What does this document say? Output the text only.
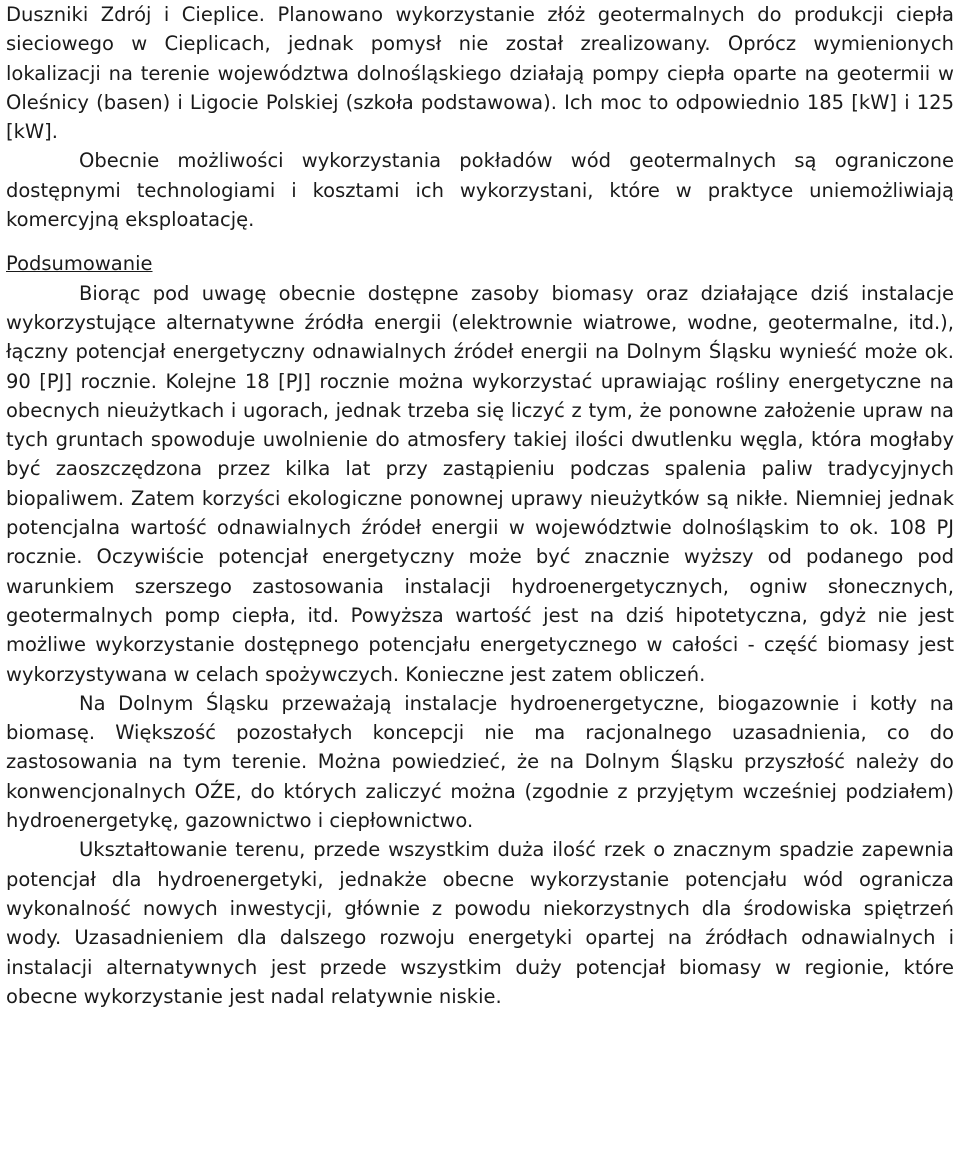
Duszniki Zdrój i Cieplice. Planowano wykorzystanie złóż geotermalnych do produkcji ciepła sieciowego w Cieplicach, jednak pomysł nie został zrealizowany. Oprócz wymienionych lokalizacji na terenie województwa dolnośląskiego działają pompy ciepła oparte na geotermii w Oleśnicy (basen) i Ligocie Polskiej (szkoła podstawowa). Ich moc to odpowiednio 185 [kW] i 125 [kW].

Obecnie możliwości wykorzystania pokładów wód geotermalnych są ograniczone dostępnymi technologiami i kosztami ich wykorzystani, które w praktyce uniemożliwiają komercyjną eksploatację.

Podsumowanie

Biorąc pod uwagę obecnie dostępne zasoby biomasy oraz działające dziś instalacje wykorzystujące alternatywne źródła energii (elektrownie wiatrowe, wodne, geotermalne, itd.), łączny potencjał energetyczny odnawialnych źródeł energii na Dolnym Śląsku wynieść może ok. 90 [PJ] rocznie. Kolejne 18 [PJ] rocznie można wykorzystać uprawiając rośliny energetyczne na obecnych nieużytkach i ugorach, jednak trzeba się liczyć z tym, że ponowne założenie upraw na tych gruntach spowoduje uwolnienie do atmosfery takiej ilości dwutlenku węgla, która mogłaby być zaoszczędzona przez kilka lat przy zastąpieniu podczas spalenia paliw tradycyjnych biopaliwem. Zatem korzyści ekologiczne ponownej uprawy nieużytków są nikłe. Niemniej jednak potencjalna wartość odnawialnych źródeł energii w województwie dolnośląskim to ok. 108 PJ rocznie. Oczywiście potencjał energetyczny może być znacznie wyższy od podanego pod warunkiem szerszego zastosowania instalacji hydroenergetycznych, ogniw słonecznych, geotermalnych pomp ciepła, itd. Powyższa wartość jest na dziś hipotetyczna, gdyż nie jest możliwe wykorzystanie dostępnego potencjału energetycznego w całości - część biomasy jest wykorzystywana w celach spożywczych. Konieczne jest zatem obliczeń.

Na Dolnym Śląsku przeważają instalacje hydroenergetyczne, biogazownie i kotły na biomasę. Większość pozostałych koncepcji nie ma racjonalnego uzasadnienia, co do zastosowania na tym terenie. Można powiedzieć, że na Dolnym Śląsku przyszłość należy do konwencjonalnych OŹE, do których zaliczyć można (zgodnie z przyjętym wcześniej podziałem) hydroenergetykę, gazownictwo i ciepłownictwo.

Ukształtowanie terenu, przede wszystkim duża ilość rzek o znacznym spadzie zapewnia potencjał dla hydroenergetyki, jednakże obecne wykorzystanie potencjału wód ogranicza wykonalność nowych inwestycji, głównie z powodu niekorzystnych dla środowiska spiętrzeń wody. Uzasadnieniem dla dalszego rozwoju energetyki opartej na źródłach odnawialnych i instalacji alternatywnych jest przede wszystkim duży potencjał biomasy w regionie, które obecne wykorzystanie jest nadal relatywnie niskie.
